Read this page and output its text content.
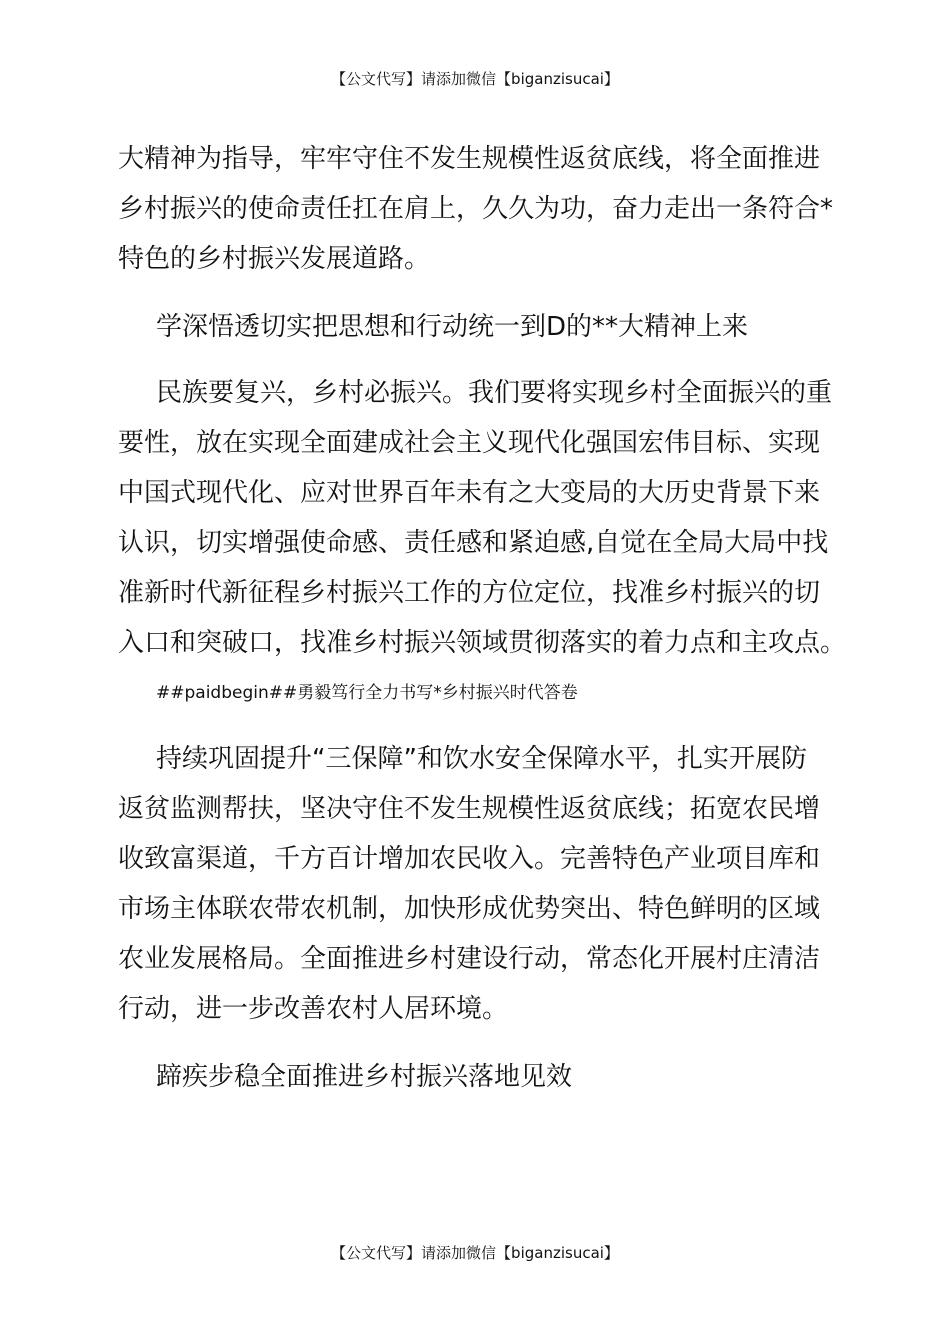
【公文代写】请添加微信【biganzisucai】

大精神为指导，牢牢守住不发生规模性返贫底线，将全面推进
乡村振兴的使命责任扛在肩上，久久为功，奋力走出一条符合*
特色的乡村振兴发展道路。

学深悟透切实把思想和行动统一到D的**大精神上来

民族要复兴，乡村必振兴。我们要将实现乡村全面振兴的重
要性，放在实现全面建成社会主义现代化强国宏伟目标、实现
中国式现代化、应对世界百年未有之大变局的大历史背景下来
认识，切实增强使命感、责任感和紧迫感,自觉在全局大局中找
准新时代新征程乡村振兴工作的方位定位，找准乡村振兴的切
入口和突破口，找准乡村振兴领域贯彻落实的着力点和主攻点。

##paidbegin##勇毅笃行全力书写*乡村振兴时代答卷

持续巩固提升“三保障”和饮水安全保障水平，扎实开展防
返贫监测帮扶，坚决守住不发生规模性返贫底线；拓宽农民增
收致富渠道，千方百计增加农民收入。完善特色产业项目库和
市场主体联农带农机制，加快形成优势突出、特色鲜明的区域
农业发展格局。全面推进乡村建设行动，常态化开展村庄清洁
行动，进一步改善农村人居环境。

蹄疾步稳全面推进乡村振兴落地见效

【公文代写】请添加微信【biganzisucai】
